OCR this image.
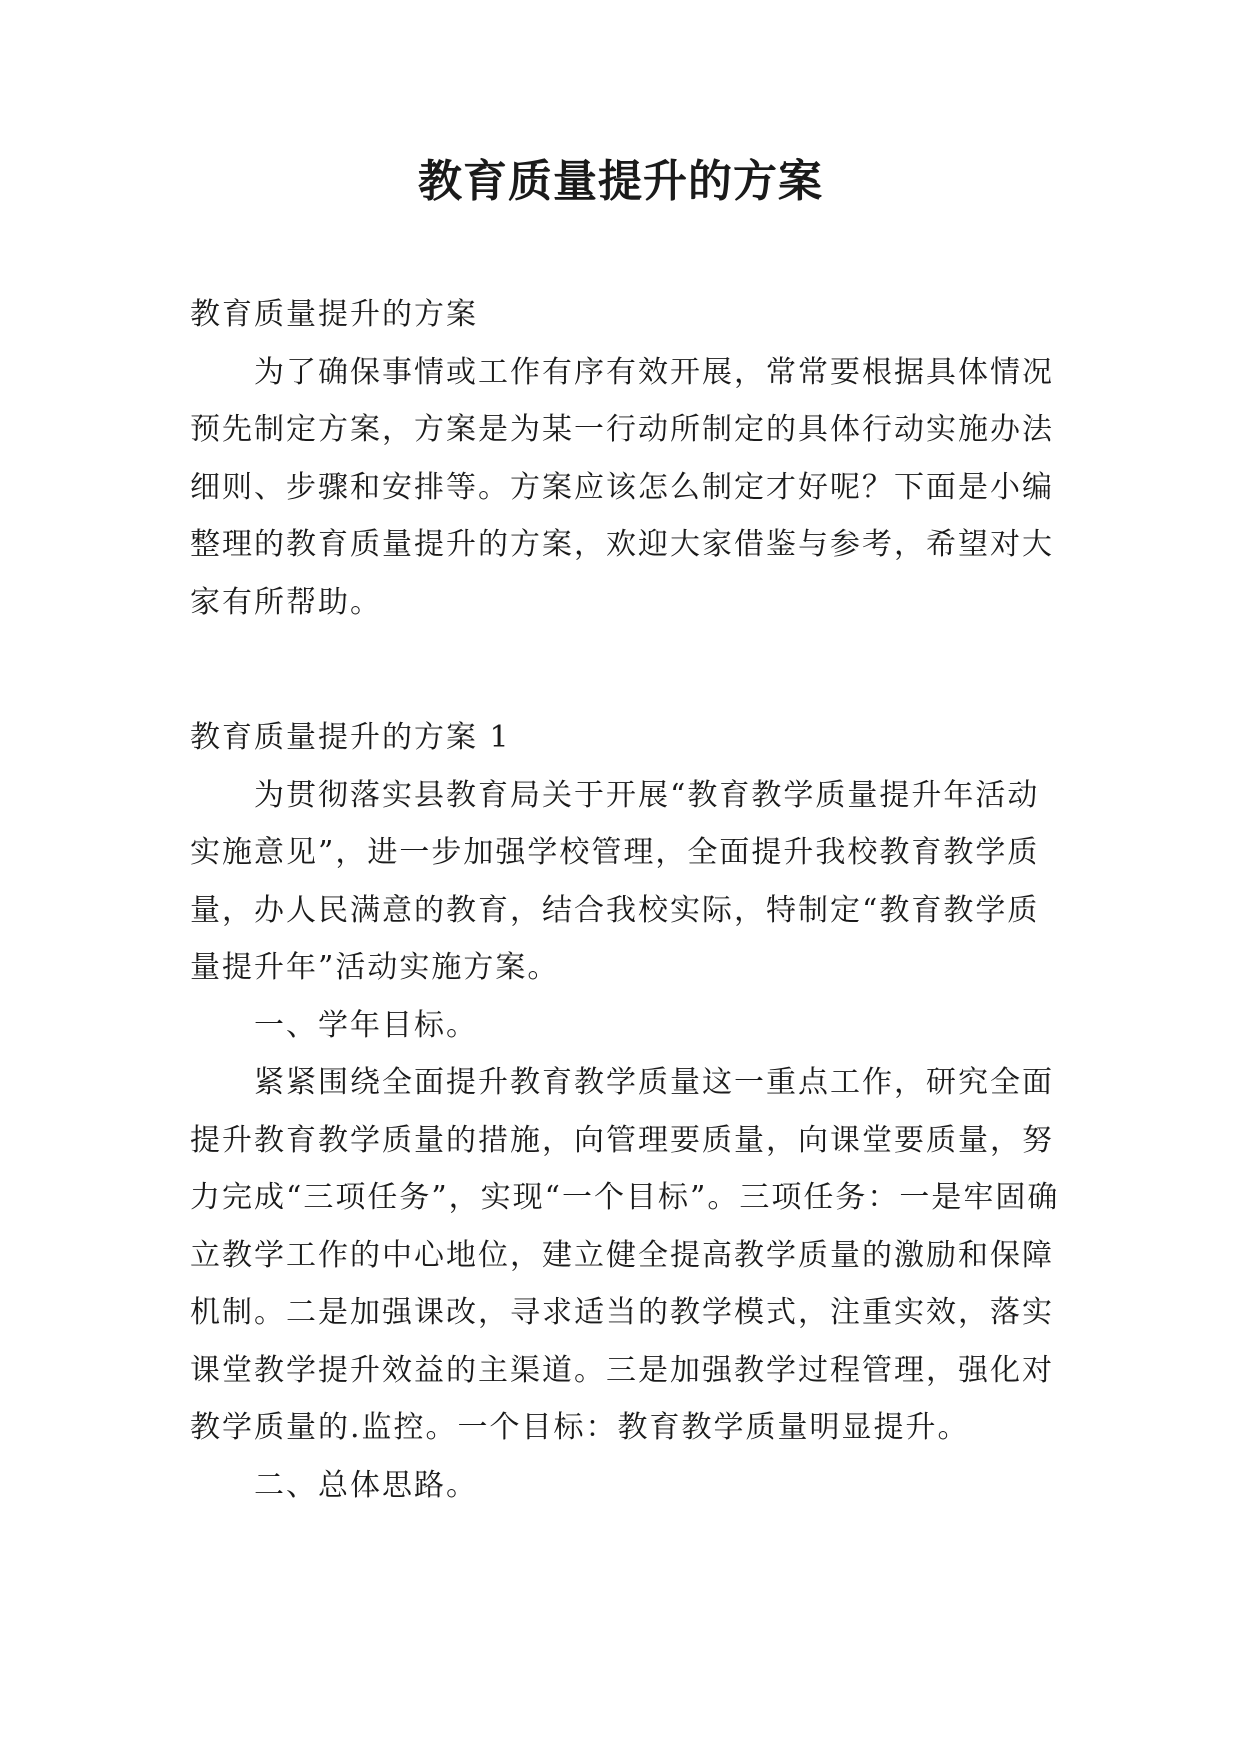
教育质量提升的方案

教育质量提升的方案

为了确保事情或工作有序有效开展，常常要根据具体情况预先制定方案，方案是为某一行动所制定的具体行动实施办法细则、步骤和安排等。方案应该怎么制定才好呢？下面是小编整理的教育质量提升的方案，欢迎大家借鉴与参考，希望对大家有所帮助。

教育质量提升的方案 1

为贯彻落实县教育局关于开展“教育教学质量提升年活动实施意见”，进一步加强学校管理，全面提升我校教育教学质量，办人民满意的教育，结合我校实际，特制定“教育教学质量提升年”活动实施方案。

一、学年目标。

紧紧围绕全面提升教育教学质量这一重点工作，研究全面提升教育教学质量的措施，向管理要质量，向课堂要质量，努力完成“三项任务”，实现“一个目标”。三项任务：一是牢固确立教学工作的中心地位，建立健全提高教学质量的激励和保障机制。二是加强课改，寻求适当的教学模式，注重实效，落实课堂教学提升效益的主渠道。三是加强教学过程管理，强化对教学质量的.监控。一个目标：教育教学质量明显提升。

二、总体思路。
